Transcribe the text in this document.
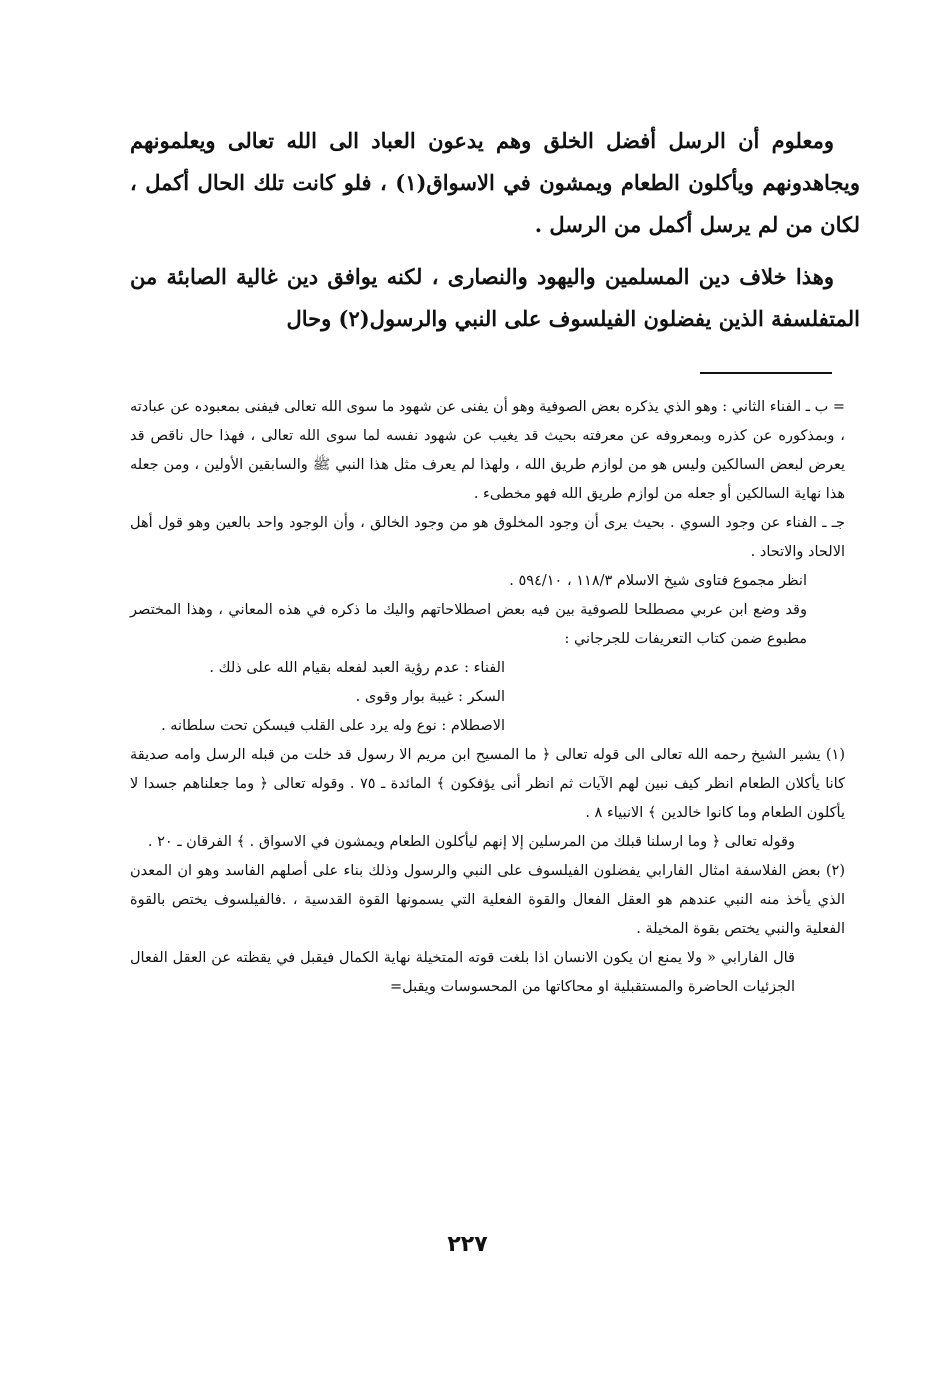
ومعلوم أن الرسل أفضل الخلق وهم يدعون العباد الى الله تعالى ويعلمونهم ويجاهدونهم ويأكلون الطعام ويمشون في الاسواق(١) ، فلو كانت تلك الحال أكمل ، لكان من لم يرسل أكمل من الرسل .

وهذا خلاف دين المسلمين واليهود والنصارى ، لكنه يوافق دين غالية الصابئة من المتفلسفة الذين يفضلون الفيلسوف على النبي والرسول(٢) وحال

= ب ـ الفناء الثاني : وهو الذي يذكره بعض الصوفية وهو أن يفنى عن شهود ما سوى الله تعالى فيفنى بمعبوده عن عبادته ، وبمذكوره عن كذره وبمعروفه عن معرفته بحيث قد يغيب عن شهود نفسه لما سوى الله تعالى ، فهذا حال ناقص قد يعرض لبعض السالكين وليس هو من لوازم طريق الله ، ولهذا لم يعرف مثل هذا النبي ﷺ والسابقين الأولين ، ومن جعله هذا نهاية السالكين أو جعله من لوازم طريق الله فهو مخطىء .

جـ ـ الفناء عن وجود السوي . بحيث يرى أن وجود المخلوق هو من وجود الخالق ، وأن الوجود واحد بالعين وهو قول أهل الالحاد والاتحاد .

انظر مجموع فتاوى شيخ الاسلام ١١٨/٣ ، ٥٩٤/١٠ .

وقد وضع ابن عربي مصطلحا للصوفية بين فيه بعض اصطلاحاتهم واليك ما ذكره في هذه المعاني ، وهذا المختصر مطبوع ضمن كتاب التعريفات للجرجاني :

الفناء : عدم رؤية العبد لفعله بقيام الله على ذلك .
السكر : غيبة بوار وقوى .
الاصطلام : نوع وله يرد على القلب فيسكن تحت سلطانه .

(١) يشير الشيخ رحمه الله تعالى الى قوله تعالى ﴿ ما المسيح ابن مريم الا رسول قد خلت من قبله الرسل وامه صديقة كانا يأكلان الطعام انظر كيف نبين لهم الآيات ثم انظر أنى يؤفكون ﴾ المائدة ـ ٧٥ . وقوله تعالى ﴿ وما جعلناهم جسدا لا يأكلون الطعام وما كانوا خالدين ﴾ الانبياء ٨ .

وقوله تعالى ﴿ وما ارسلنا قبلك من المرسلين إلا إنهم ليأكلون الطعام ويمشون في الاسواق . ﴾ الفرقان ـ ٢٠ .

(٢) بعض الفلاسفة امثال الفارابي يفضلون الفيلسوف على النبي والرسول وذلك بناء على أصلهم الفاسد وهو ان المعدن الذي يأخذ منه النبي عندهم هو العقل الفعال والقوة الفعلية التي يسمونها القوة القدسية ، .فالفيلسوف يختص بالقوة الفعلية والنبي يختص بقوة المخيلة .

قال الفارابي « ولا يمنع ان يكون الانسان اذا بلغت قوته المتخيلة نهاية الكمال فيقبل في يقظته عن العقل الفعال الجزئيات الحاضرة والمستقبلية او محاكاتها من المحسوسات ويقبل=

٢٢٧
